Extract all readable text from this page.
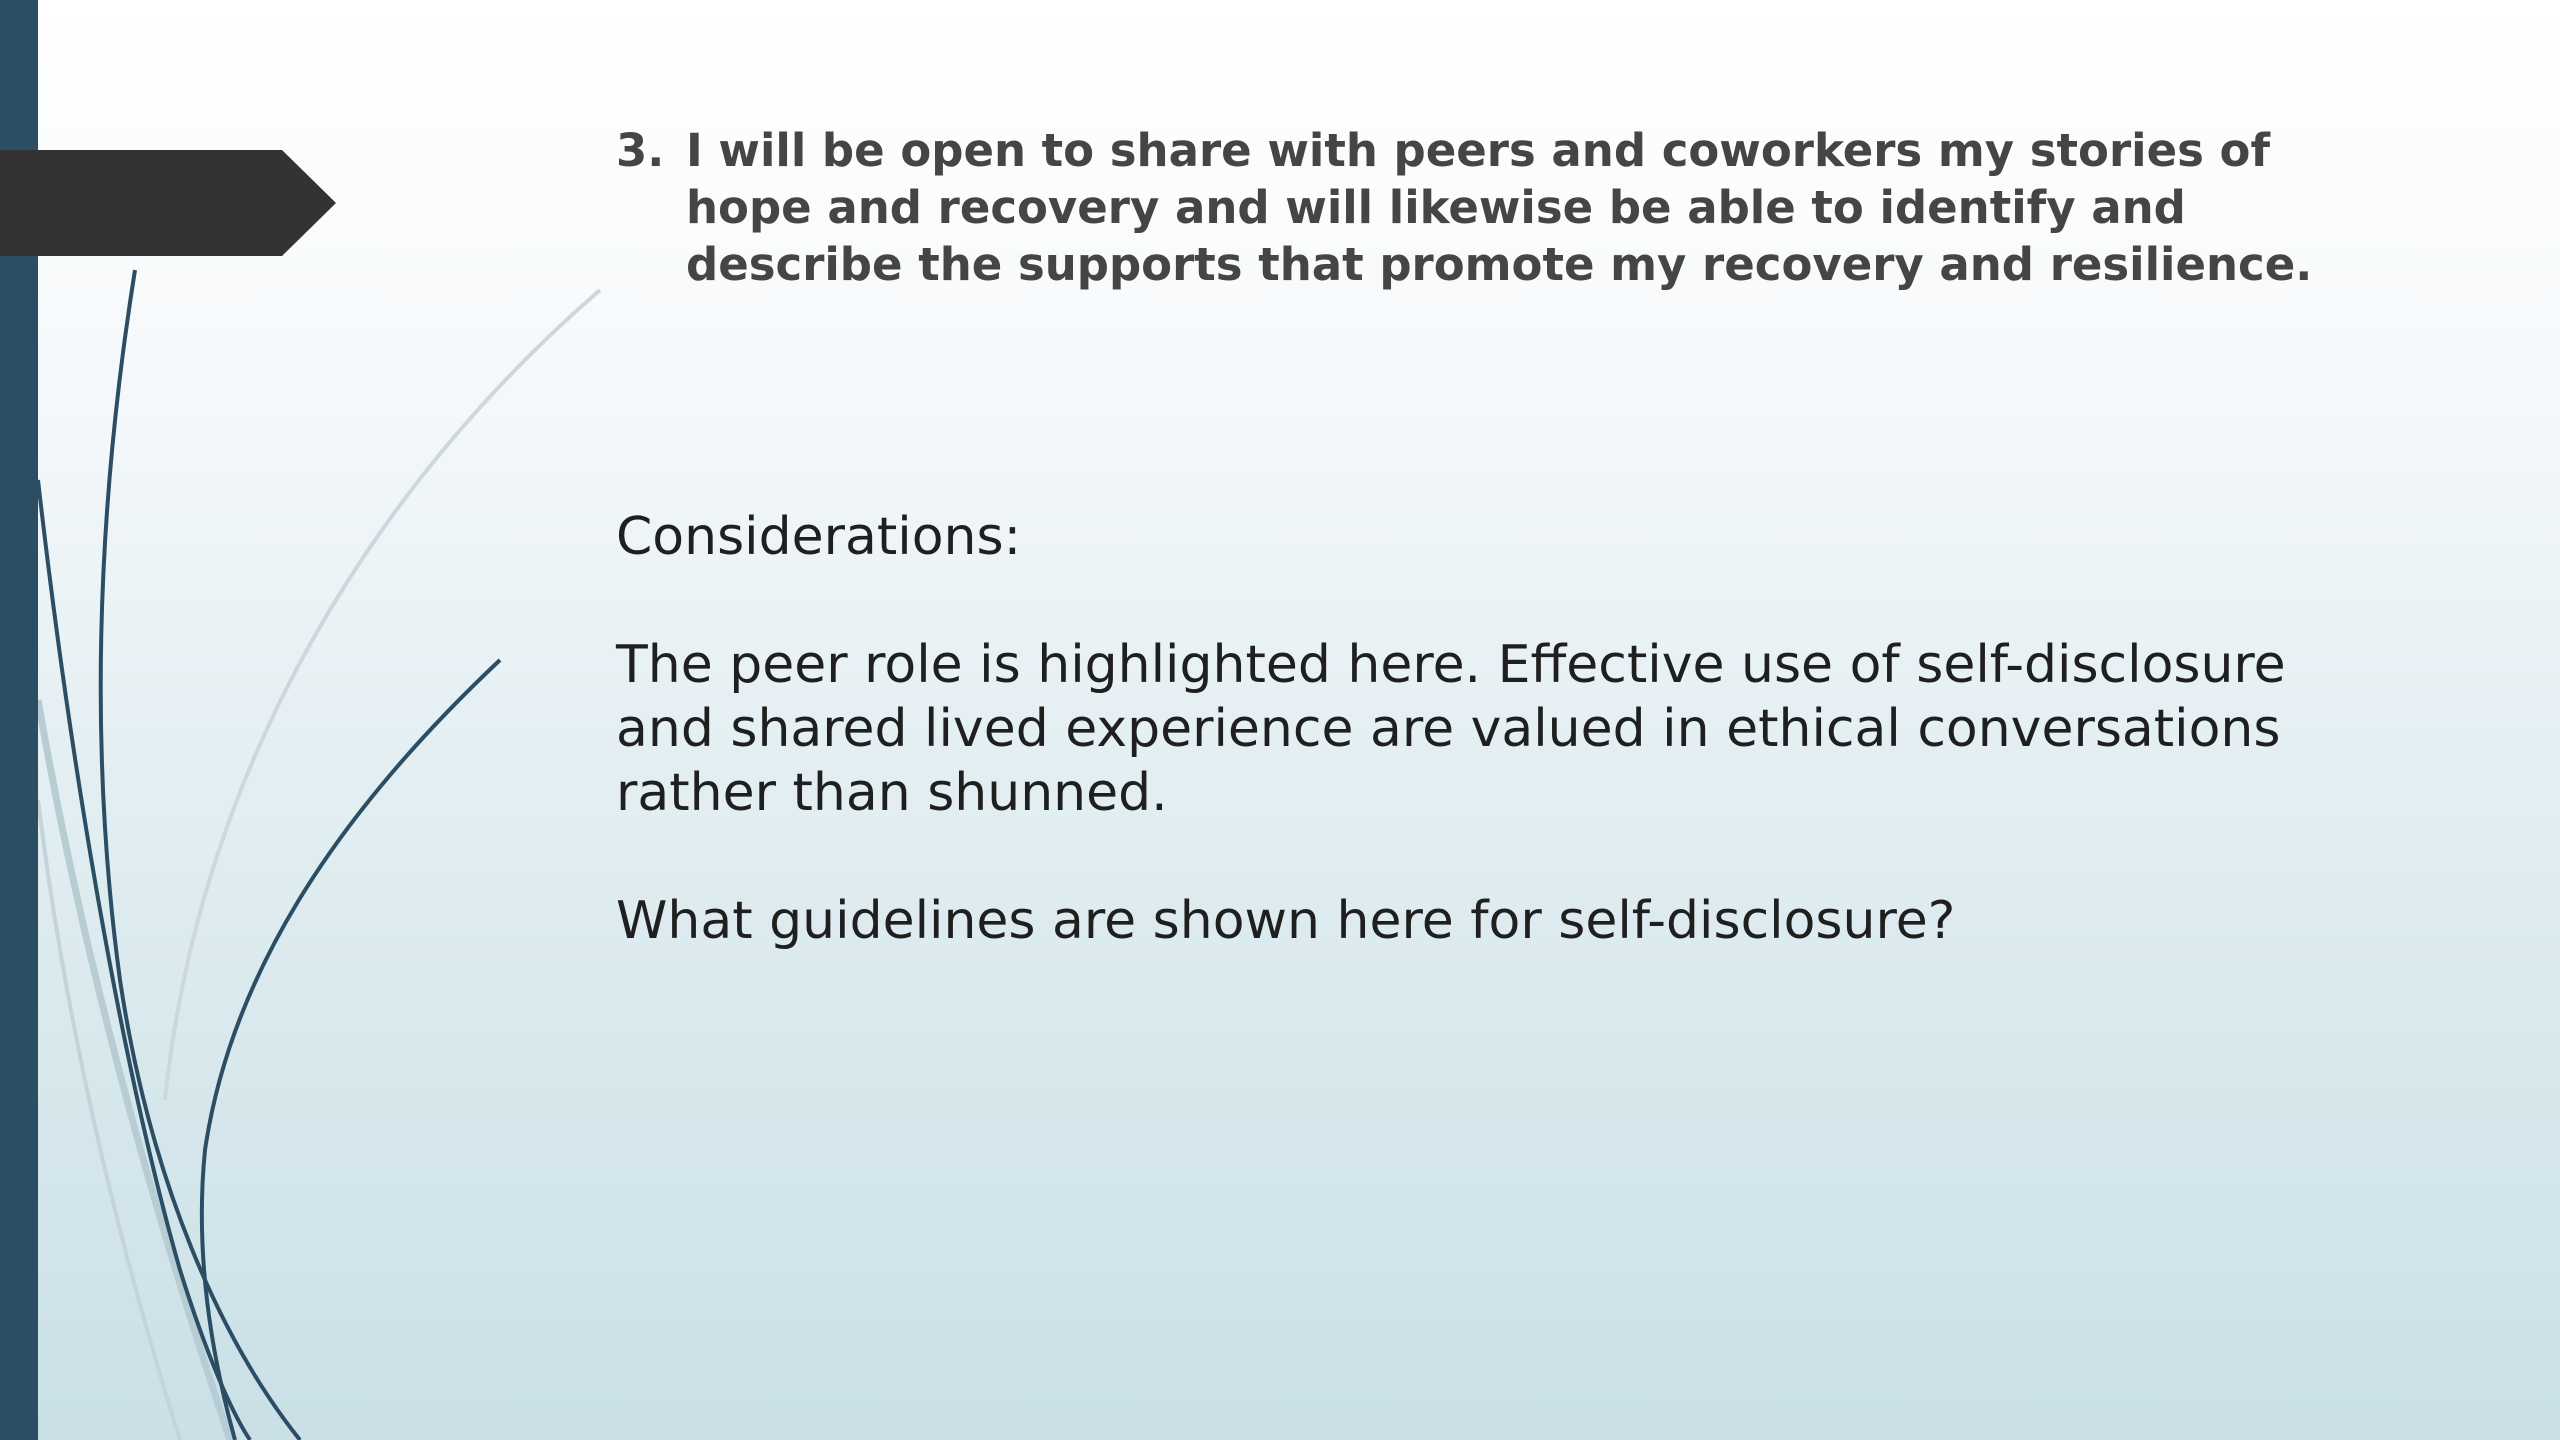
3. I will be open to share with peers and coworkers my stories of hope and recovery and will likewise be able to identify and describe the supports that promote my recovery and resilience.

Considerations:

The peer role is highlighted here. Effective use of self-disclosure and shared lived experience are valued in ethical conversations rather than shunned.

What guidelines are shown here for self-disclosure?
